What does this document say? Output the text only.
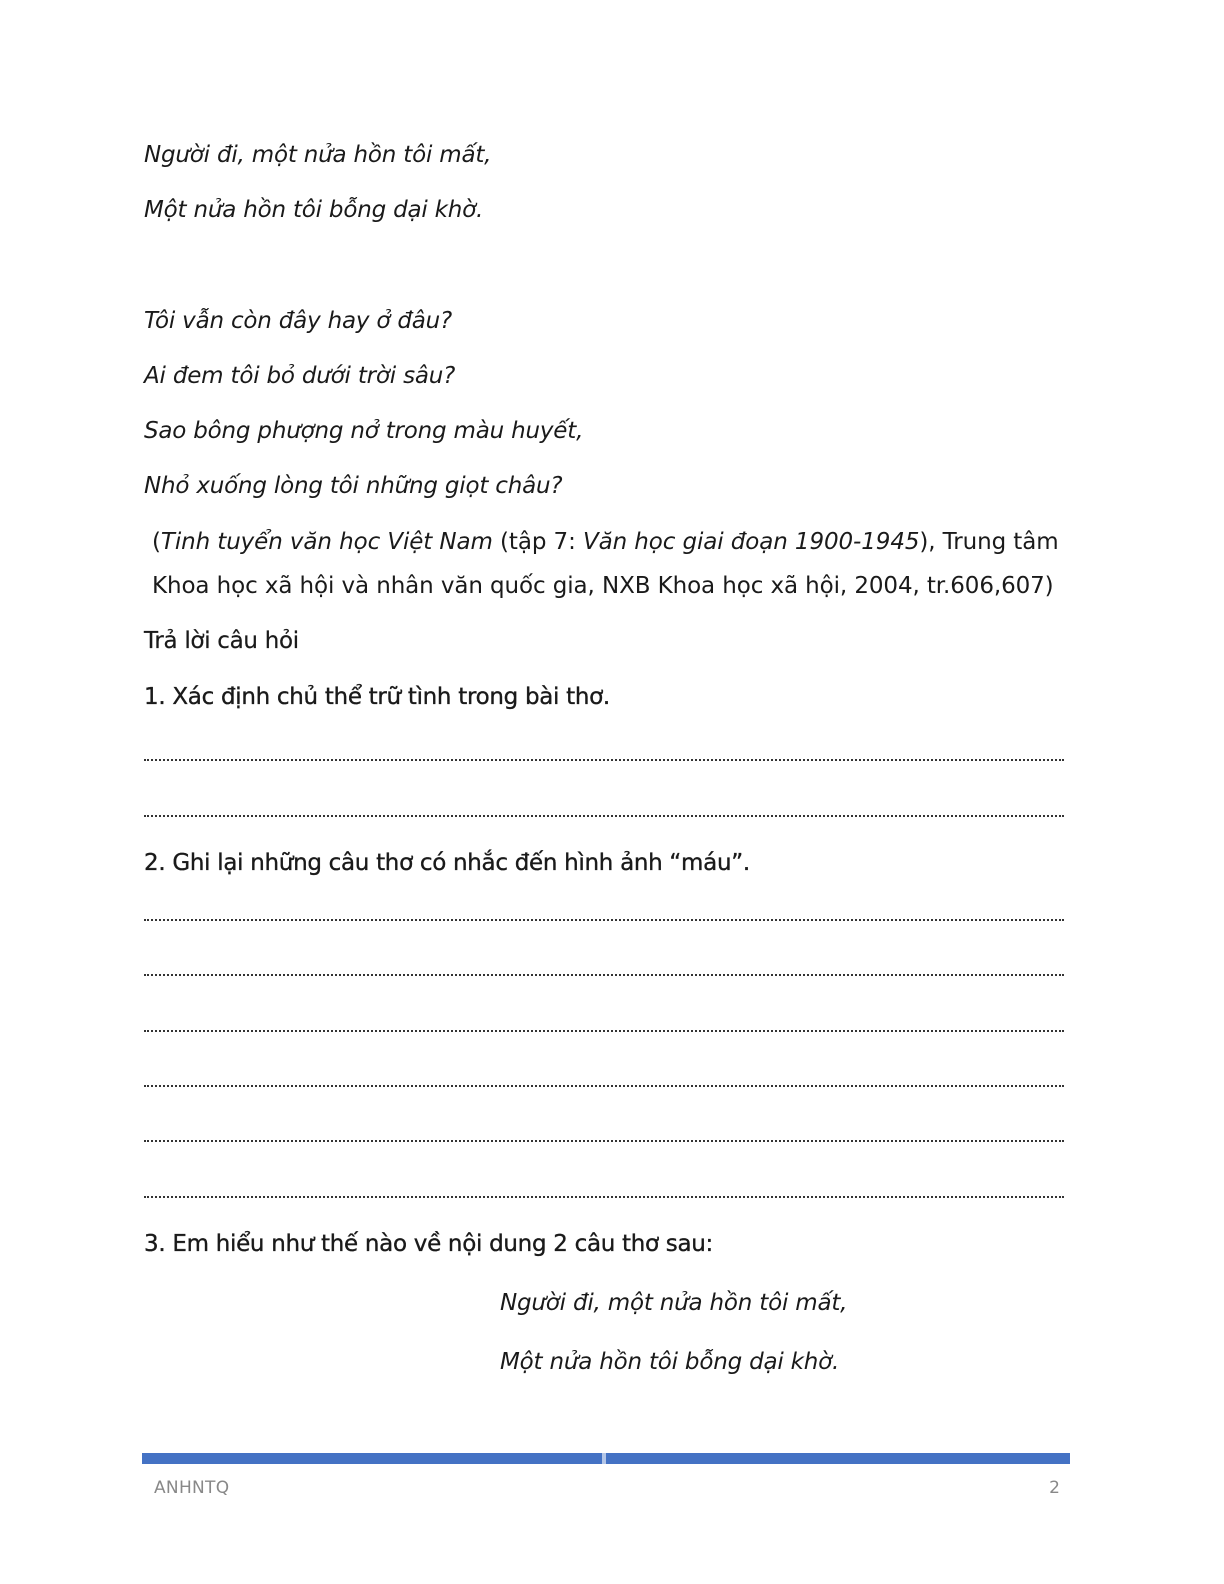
Người đi, một nửa hồn tôi mất,
Một nửa hồn tôi bỗng dại khờ.
Tôi vẫn còn đây hay ở đâu?
Ai đem tôi bỏ dưới trời sâu?
Sao bông phượng nở trong màu huyết,
Nhỏ xuống lòng tôi những giọt châu?
(Tinh tuyển văn học Việt Nam (tập 7: Văn học giai đoạn 1900-1945), Trung tâm
Khoa học xã hội và nhân văn quốc gia, NXB Khoa học xã hội, 2004, tr.606,607)
Trả lời câu hỏi
1. Xác định chủ thể trữ tình trong bài thơ.
2. Ghi lại những câu thơ có nhắc đến hình ảnh “máu”.
3. Em hiểu như thế nào về nội dung 2 câu thơ sau:
Người đi, một nửa hồn tôi mất,
Một nửa hồn tôi bỗng dại khờ.
ANHNTQ	2
